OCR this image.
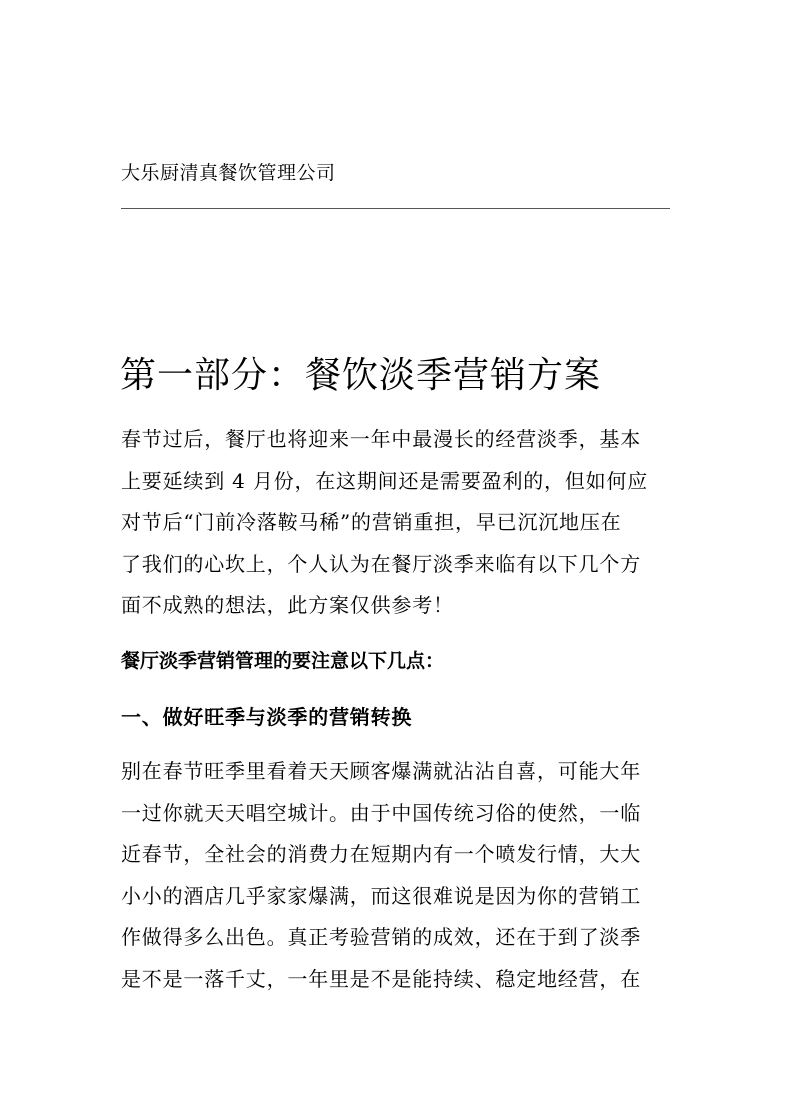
大乐厨清真餐饮管理公司
第一部分：餐饮淡季营销方案

春节过后，餐厅也将迎来一年中最漫长的经营淡季，基本
上要延续到 4 月份，在这期间还是需要盈利的，但如何应
对节后“门前冷落鞍马稀”的营销重担，早已沉沉地压在
了我们的心坎上，个人认为在餐厅淡季来临有以下几个方
面不成熟的想法，此方案仅供参考！

餐厅淡季营销管理的要注意以下几点：
一、做好旺季与淡季的营销转换

别在春节旺季里看着天天顾客爆满就沾沾自喜，可能大年
一过你就天天唱空城计。由于中国传统习俗的使然，一临
近春节，全社会的消费力在短期内有一个喷发行情，大大
小小的酒店几乎家家爆满，而这很难说是因为你的营销工
作做得多么出色。真正考验营销的成效，还在于到了淡季
是不是一落千丈，一年里是不是能持续、稳定地经营，在
